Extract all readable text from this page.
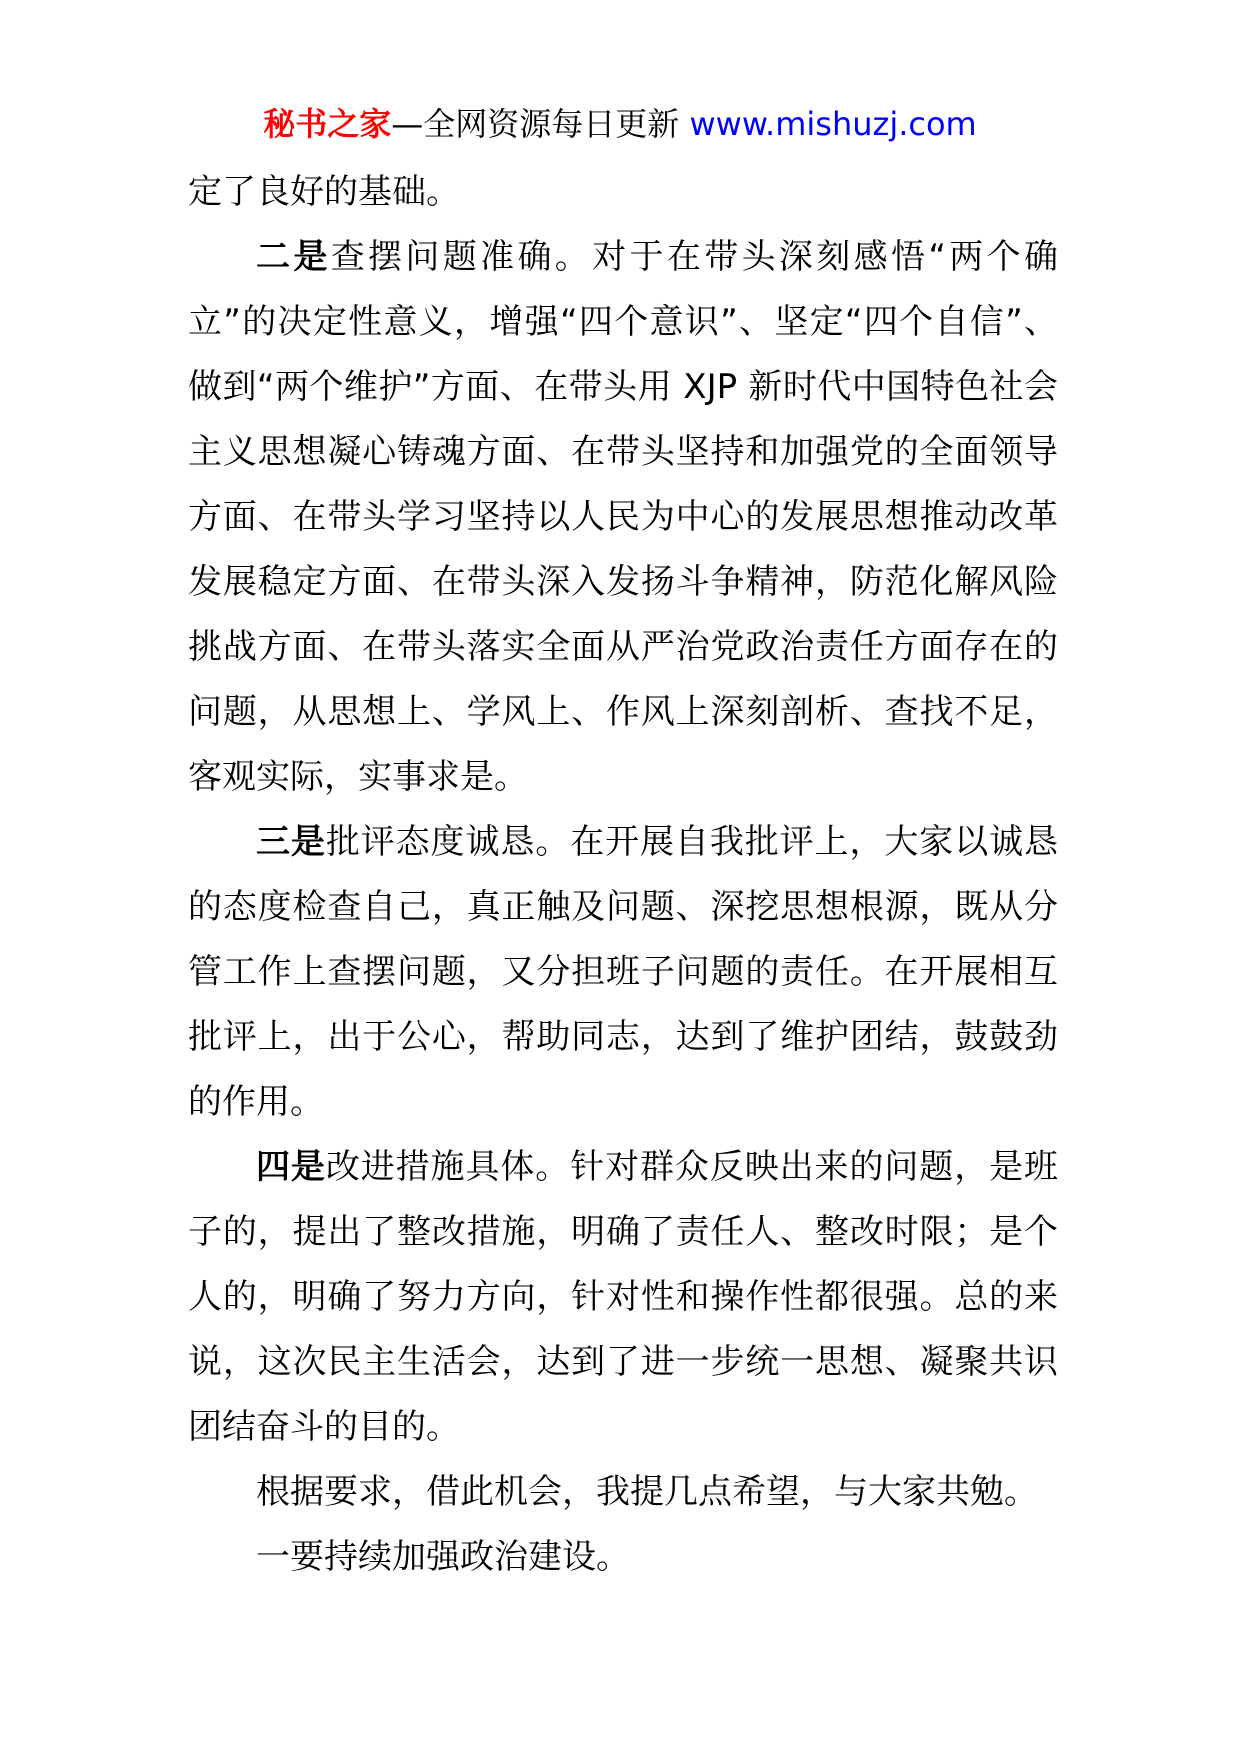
秘书之家—全网资源每日更新 www.mishuzj.com

定了良好的基础。

二是查摆问题准确。对于在带头深刻感悟“两个确立”的决定性意义，增强“四个意识”、坚定“四个自信”、做到“两个维护”方面、在带头用 XJP 新时代中国特色社会主义思想凝心铸魂方面、在带头坚持和加强党的全面领导方面、在带头学习坚持以人民为中心的发展思想推动改革发展稳定方面、在带头深入发扬斗争精神，防范化解风险挑战方面、在带头落实全面从严治党政治责任方面存在的问题，从思想上、学风上、作风上深刻剖析、查找不足，客观实际，实事求是。

三是批评态度诚恳。在开展自我批评上，大家以诚恳的态度检查自己，真正触及问题、深挖思想根源，既从分管工作上查摆问题，又分担班子问题的责任。在开展相互批评上，出于公心，帮助同志，达到了维护团结，鼓鼓劲的作用。

四是改进措施具体。针对群众反映出来的问题，是班子的，提出了整改措施，明确了责任人、整改时限；是个人的，明确了努力方向，针对性和操作性都很强。总的来说，这次民主生活会，达到了进一步统一思想、凝聚共识团结奋斗的目的。

根据要求，借此机会，我提几点希望，与大家共勉。

一要持续加强政治建设。
